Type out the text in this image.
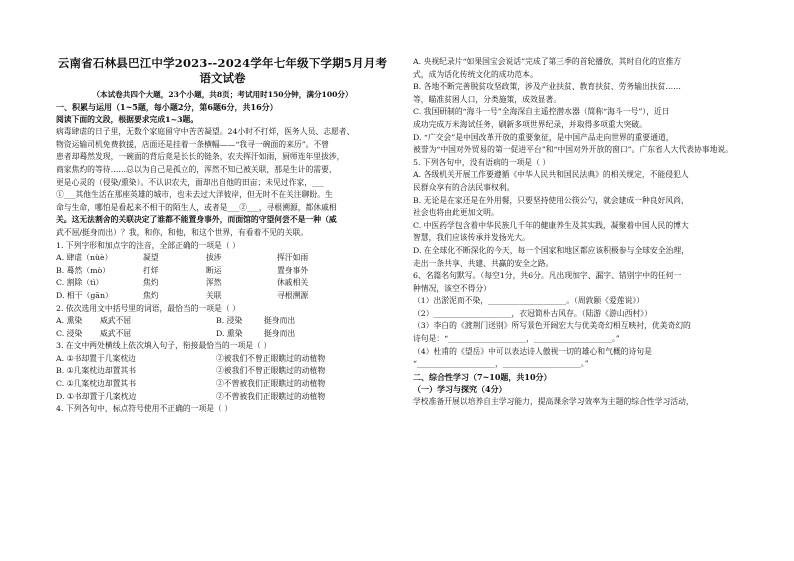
云南省石林县巴江中学2023--2024学年七年级下学期5月月考
语文试卷
（本试卷共四个大题，23个小题，共8页；考试用时150分钟，满分100分）
一、积累与运用（1~5题，每小题2分，第6题6分，共16分）
阅读下面的文段，根据要求完成1~3题。
病毒肆虐的日子里，无数个家庭留守中苦苦凝望。24小时不打烊，医务人员、志愿者、
物资运输司机免费救援，店面还是挂着一条横幅——“我寻一碗面的来历”。不曾
患者却蓦然发现，一碗面的背后竟是长长的链条，农夫挥汗如雨，厨师连年里拔涉，
商家焦灼的等待……总以为自己是孤立的，浑然不知已被关联，那是生计的需要，
更是心灵的（侵染/熏染）。不认识农夫，面却出自他的田亩；未见过作家，___
①___其他生活在那座英雄的城市，也未去过大洋彼岸，但无时不在关注聊盼。生
命与生命，哪怕是看起来不相干的陌生人，或者是___②___，寻根溯源，都休戚相
关。这无法割舍的关联决定了谁都不能置身事外，而面馆的守望何尝不是一种（威
武不屈/挺身而出）？我，和你，和他，和这个世界，有看着不见的关联。
1. 下列字形和加点字的注音，全部正确的一项是（ ）
A. 肆虐（nüè）	凝望	拔涉	挥汗如雨
B. 蓦然（mò）	打烊	断运	置身事外
C. 割除（tì）	焦灼	浑然	休戚相关
D. 相干（gān）	焦灼	关联	寻根溯源
2. 依次选用文中括号里的词语，最恰当的一项是（ ）
A. 熏染	威武不屈	B. 浸染	挺身而出
C. 浸染	威武不屈	D. 熏染	挺身而出
3. 在文中两处横线上依次填入句子，衔接最恰当的一项是（ ）
A. ①书却置于几案枕边	②被我们不曾正眼瞧过的动植物
B. ①几案枕边却置其书	②被我们不曾正眼瞧过的动植物
C. ①几案枕边却置其书	②不曾被我们正眼瞧过的动植物
D. ①书却置于几案枕边	②不曾被我们正眼瞧过的动植物
4. 下列各句中，标点符号使用不正确的一项是（ ）
A. 央视纪录片“如果国宝会说话”完成了第三季的首轮播放，其时自化的宣推方
式，成为话化传统文化的成功范本。
B. 各地不断完善脱贫攻坚政策，涉及产业扶贫、教育扶贫、劳务输出扶贫……
等，瞄准贫困人口，分类施策，成效显著。
C. 我国研制的“海斗一号”全海深自主遥控潜水器（简称“海斗一号”），近日
成功完成万米海试任务，刷新多项世界纪录，并取得多项重大突破。
D. “广交会”是中国改革开放的重要象征，是中国产品走向世界的重要通道，
被誉为“中国对外贸易的第一促进平台”和“中国对外开放的窗口”。广东省人大代表协事地说。
5. 下列各句中，没有语病的一项是（ ）
A. 各级机关开展工作要遵循《中华人民共和国民法典》的相关规定，不能侵犯人
民群众享有的合法民事权利。
B. 无论是在家还是在外用餐，只要坚持使用公筷公勺，就会建成一种良好风尚，
社会也将由此更加文明。
C. 中医药学包含着中华民族几千年的健康养生及其实践，凝聚着中国人民的博大
智慧，我们应该传承并发扬光大。
D. 在全球化不断深化的今天，每一个国家和地区都应该积极参与全球安全治理，
走出一条共享、共建、共赢的安全之路。
6、名篇名句默写。（每空1分，共6分。凡出现加字、漏字、错别字中的任何一
种情况，该空不得分）
（1）出淤泥而不染，____________________。（周敦颐《爱莲说》）
（2）____________________，衣冠简朴古风存。（陆游《游山西村》）
（3）李白的《渡荆门送别》所写景色开阔宏大与优美奇幻相互映衬，优美奇幻的
诗句是：“____________________，____________________。”
（4）杜甫的《望岳》中可以表达诗人傲视一切的雄心和气概的诗句是
“____________________，____________________。”
二、综合性学习（7~10题，共10分）
（一）学习与探究（4分）
学校准备开展以培养自主学习能力，提高课余学习效率为主题的综合性学习活动，
